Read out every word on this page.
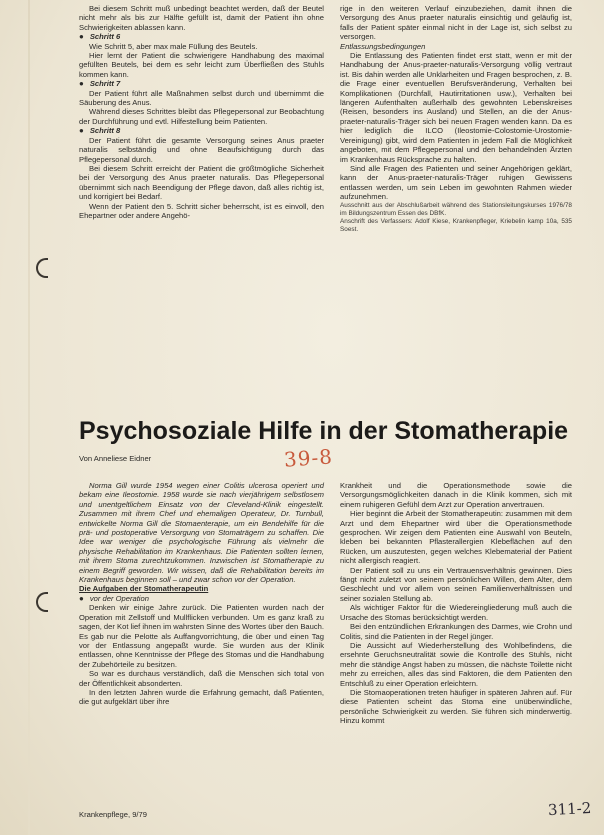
Bei diesem Schritt muß unbedingt beachtet werden, daß der Beutel nicht mehr als bis zur Hälfte gefüllt ist, damit der Patient ihn ohne Schwierigkeiten ablassen kann.

● Schritt 6

Wie Schritt 5, aber max male Füllung des Beutels.

Hier lernt der Patient die schwierigere Handhabung des maximal gefüllten Beutels, bei dem es sehr leicht zum Überfließen des Stuhls kommen kann.

● Schritt 7

Der Patient führt alle Maßnahmen selbst durch und übernimmt die Säuberung des Anus.

Während dieses Schrittes bleibt das Pflegepersonal zur Beobachtung der Durchführung und evtl. Hilfestellung beim Patienten.

● Schritt 8

Der Patient führt die gesamte Versorgung seines Anus praeter naturalis selbständig und ohne Beaufsichtigung durch das Pflegepersonal durch.

Bei diesem Schritt erreicht der Patient die größtmögliche Sicherheit bei der Versorgung des Anus praeter naturalis. Das Pflegepersonal übernimmt sich nach Beendigung der Pflege davon, daß alles richtig ist, und korrigiert bei Bedarf.

Wenn der Patient den 5. Schritt sicher beherrscht, ist es einvoll, den Ehepartner oder andere Angehö-

rige in den weiteren Verlauf einzubeziehen, damit ihnen die Versorgung des Anus praeter naturalis einsichtig und geläufig ist, falls der Patient später einmal nicht in der Lage ist, sich selbst zu versorgen.

Entlassungsbedingungen

Die Entlassung des Patienten findet erst statt, wenn er mit der Handhabung der Anus-praeter-naturalis-Versorgung völlig vertraut ist. Bis dahin werden alle Unklarheiten und Fragen besprochen, z. B. die Frage einer eventuellen Berufsveränderung, Verhalten bei Komplikationen (Durchfall, Hautirritationen usw.), Verhalten bei längeren Aufenthalten außerhalb des gewohnten Lebenskreises (Reisen, besonders ins Ausland) und Stellen, an die der Anus-praeter-naturalis-Träger sich bei neuen Fragen wenden kann. Da es hier lediglich die ILCO (Ileostomie-Colostomie-Urostomie-Vereinigung) gibt, wird dem Patienten in jedem Fall die Möglichkeit angeboten, mit dem Pflegepersonal und den behandelnden Ärzten im Krankenhaus Rücksprache zu halten.

Sind alle Fragen des Patienten und seiner Angehörigen geklärt, kann der Anus-praeter-naturalis-Träger ruhigen Gewissens entlassen werden, um sein Leben im gewohnten Rahmen wieder aufzunehmen.

Ausschnitt aus der Abschlußarbeit während des Stationsleitungskurses 1976/78 im Bildungszentrum Essen des DBfK.

Anschrift des Verfassers: Adolf Kiese, Krankenpfleger, Kriebelin kamp 10a, 535 Soest.

Psychosoziale Hilfe in der Stomatherapie
39-8
Von Anneliese Eidner

Norma Gill wurde 1954 wegen einer Colitis ulcerosa operiert und bekam eine Ileostomie. 1958 wurde sie nach vierjährigem selbstlosem und unentgeltlichem Einsatz von der Cleveland-Klinik eingestellt. Zusammen mit ihrem Chef und ehemaligen Operateur, Dr. Turnbull, entwickelte Norma Gill die Stomaenterapie, um ein Bendehilfe für die prä- und postoperative Versorgung von Stomaträgern zu schaffen. Die Idee war weniger die psychologische Führung als vielmehr die physische Rehabilitation im Krankenhaus. Die Patienten sollten lernen, mit ihrem Stoma zurechtzukommen. Inzwischen ist Stomatherapie zu einem Begriff geworden. Wir wissen, daß die Rehabilitation bereits im Krankenhaus beginnen soll – und zwar schon vor der Operation.

Die Aufgaben der Stomatherapeutin

● vor der Operation

Denken wir einige Jahre zurück. Die Patienten wurden nach der Operation mit Zellstoff und Mullflicken verbunden. Um es ganz kraß zu sagen, der Kot lief ihnen im wahrsten Sinne des Wortes über den Bauch. Es gab nur die Pelotte als Auffangvorrichtung, die über und einen Tag vor der Entlassung angepaßt wurde. Sie wurden aus der Klinik entlassen, ohne Kenntnisse der Pflege des Stomas und die Handhabung der Zubehörteile zu besitzen.

So war es durchaus verständlich, daß die Menschen sich total von der Öffentlichkeit absonderten.

In den letzten Jahren wurde die Erfahrung gemacht, daß Patienten, die gut aufgeklärt über ihre

Krankheit und die Operationsmethode sowie die Versorgungsmöglichkeiten danach in die Klinik kommen, sich mit einem ruhigeren Gefühl dem Arzt zur Operation anvertrauen.

Hier beginnt die Arbeit der Stomatherapeutin: zusammen mit dem Arzt und dem Ehepartner wird über die Operationsmethode gesprochen. Wir zeigen dem Patienten eine Auswahl von Beuteln, kleben bei bekannten Pflasterallergien Klebeflächen auf den Rücken, um auszutesten, gegen welches Klebematerial der Patient nicht allergisch reagiert.

Der Patient soll zu uns ein Vertrauensverhältnis gewinnen. Dies fängt nicht zuletzt von seinem persönlichen Willen, dem Alter, dem Geschlecht und vor allem von seinen Familienverhältnissen und seiner sozialen Stellung ab.

Als wichtiger Faktor für die Wiedereingliederung muß auch die Ursache des Stomas berücksichtigt werden.

Bei den entzündlichen Erkrankungen des Darmes, wie Crohn und Colitis, sind die Patienten in der Regel jünger.

Die Aussicht auf Wiederherstellung des Wohlbefindens, die ersehnte Geruchsneutralität sowie die Kontrolle des Stuhls, nicht mehr die ständige Angst haben zu müssen, die nächste Toilette nicht mehr zu erreichen, alles das sind Faktoren, die dem Patienten den Entschluß zu einer Operation erleichtern.

Die Stomaoperationen treten häufiger in späteren Jahren auf. Für diese Patienten scheint das Stoma eine unüberwindliche, persönliche Schwierigkeit zu werden. Sie führen sich minderwertig. Hinzu kommt

Krankenpflege, 9/79	311-2
